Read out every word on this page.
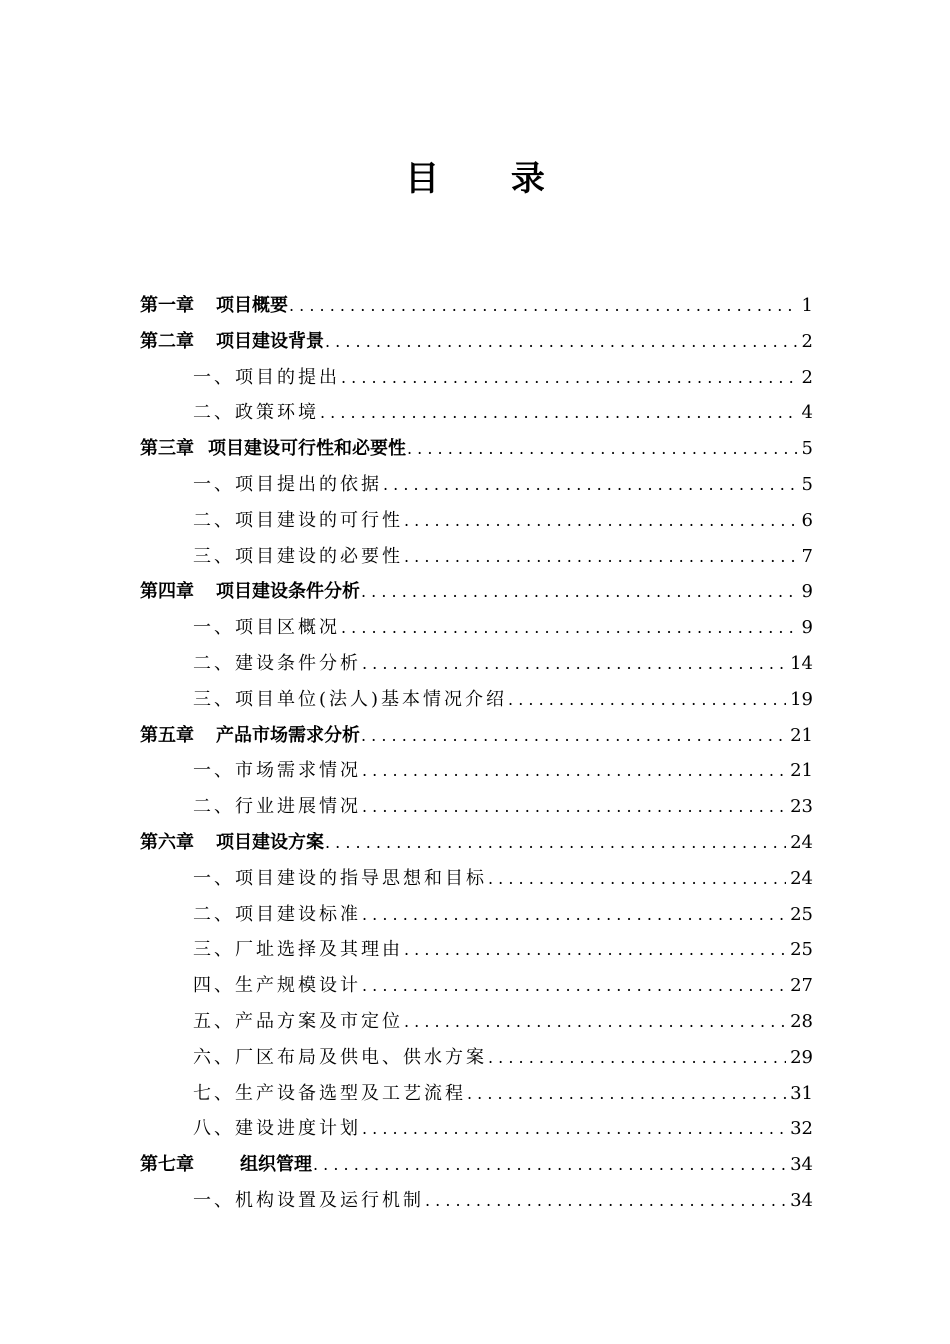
目 录
第一章 项目概要 . . .	1
第二章 项目建设背景 . . .	2
一、项目的提出 . . .	2
二、政策环境 . . .	4
第三章 项目建设可行性和必要性 . . .	5
一、项目提出的依据 . . .	5
二、项目建设的可行性 . . .	6
三、项目建设的必要性 . . .	7
第四章 项目建设条件分析 . . .	9
一、项目区概况 . . .	9
二、建设条件分析 . . .	14
三、项目单位(法人)基本情况介绍 . . .	19
第五章 产品市场需求分析 . . .	21
一、市场需求情况 . . .	21
二、行业进展情况 . . .	23
第六章 项目建设方案 . . .	24
一、项目建设的指导思想和目标 . . .	24
二、项目建设标准 . . .	25
三、厂址选择及其理由 . . .	25
四、生产规模设计 . . .	27
五、产品方案及市定位 . . .	28
六、厂区布局及供电、供水方案 . . .	29
七、生产设备选型及工艺流程 . . .	31
八、建设进度计划 . . .	32
第七章	组织管理 . . .	34
一、机构设置及运行机制 . . .	34
